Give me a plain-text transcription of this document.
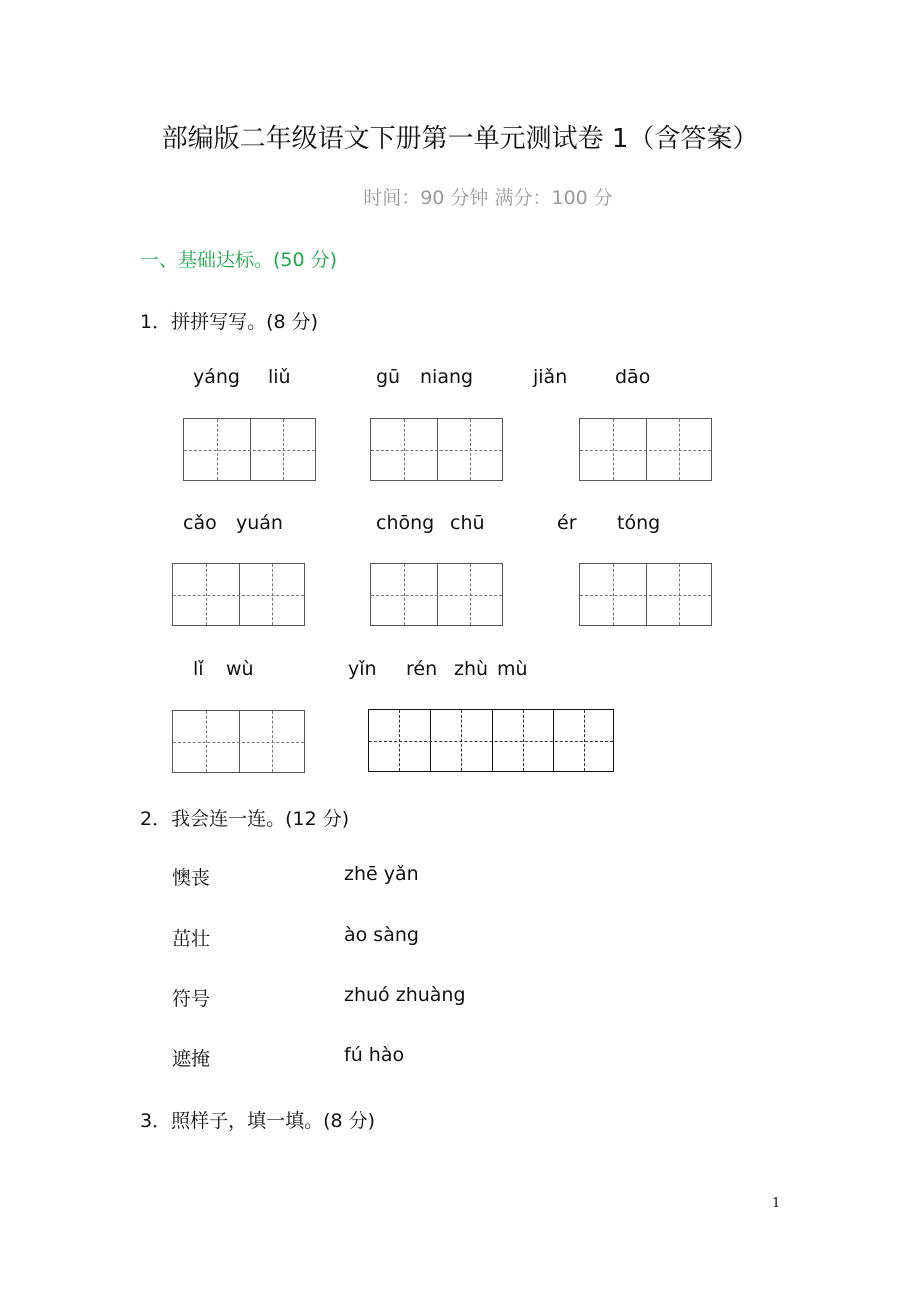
部编版二年级语文下册第一单元测试卷 1（含答案）
时间：90 分钟 满分：100 分
一、基础达标。(50 分)
1．拼拼写写。(8 分)
yáng liǔ	gū niang	jiǎn	dāo
cǎo yuán	chōng chū	ér tóng
lǐ wù	yǐn rén zhù mù
2．我会连一连。(12 分)
懊丧	zhē yǎn
茁壮	ào sàng
符号	zhuó zhuàng
遮掩	fú hào
3．照样子，填一填。(8 分)
1
